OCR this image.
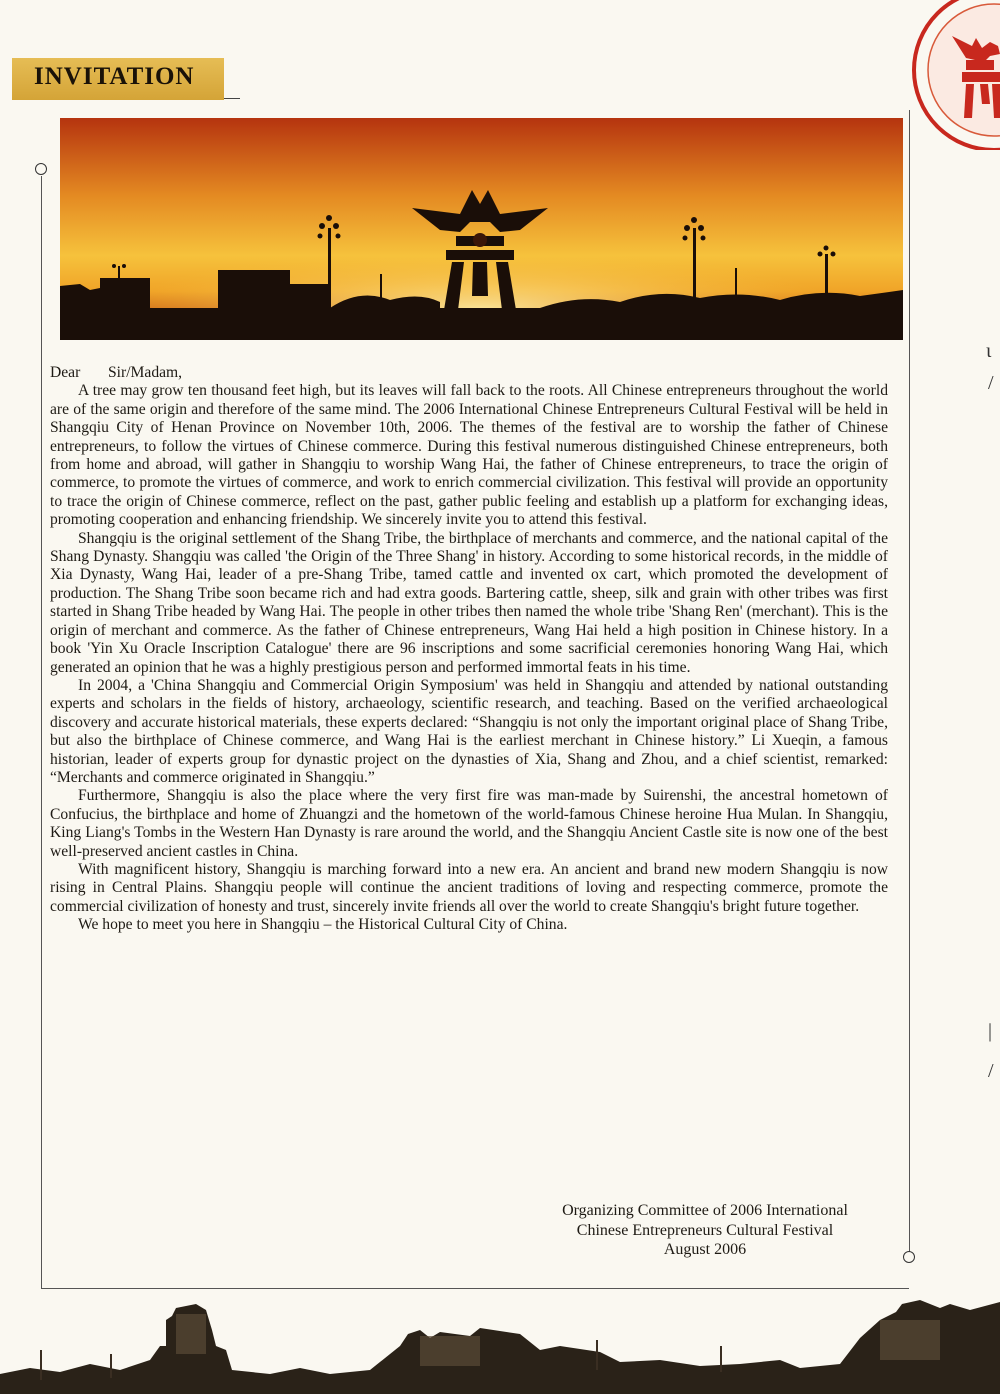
INVITATION

Dear Sir/Madam,

A tree may grow ten thousand feet high, but its leaves will fall back to the roots. All Chinese entrepreneurs throughout the world are of the same origin and therefore of the same mind. The 2006 International Chinese Entrepreneurs Cultural Festival will be held in Shangqiu City of Henan Province on November 10th, 2006. The themes of the festival are to worship the father of Chinese entrepreneurs, to follow the virtues of Chinese commerce. During this festival numerous distinguished Chinese entrepreneurs, both from home and abroad, will gather in Shangqiu to worship Wang Hai, the father of Chinese entrepreneurs, to trace the origin of commerce, to promote the virtues of commerce, and work to enrich commercial civilization. This festival will provide an opportunity to trace the origin of Chinese commerce, reflect on the past, gather public feeling and establish up a platform for exchanging ideas, promoting cooperation and enhancing friendship. We sincerely invite you to attend this festival.

Shangqiu is the original settlement of the Shang Tribe, the birthplace of merchants and commerce, and the national capital of the Shang Dynasty. Shangqiu was called 'the Origin of the Three Shang' in history. According to some historical records, in the middle of Xia Dynasty, Wang Hai, leader of a pre-Shang Tribe, tamed cattle and invented ox cart, which promoted the development of production. The Shang Tribe soon became rich and had extra goods. Bartering cattle, sheep, silk and grain with other tribes was first started in Shang Tribe headed by Wang Hai. The people in other tribes then named the whole tribe 'Shang Ren' (merchant). This is the origin of merchant and commerce. As the father of Chinese entrepreneurs, Wang Hai held a high position in Chinese history. In a book 'Yin Xu Oracle Inscription Catalogue' there are 96 inscriptions and some sacrificial ceremonies honoring Wang Hai, which generated an opinion that he was a highly prestigious person and performed immortal feats in his time.

In 2004, a 'China Shangqiu and Commercial Origin Symposium' was held in Shangqiu and attended by national outstanding experts and scholars in the fields of history, archaeology, scientific research, and teaching. Based on the verified archaeological discovery and accurate historical materials, these experts declared: “Shangqiu is not only the important original place of Shang Tribe, but also the birthplace of Chinese commerce, and Wang Hai is the earliest merchant in Chinese history.” Li Xueqin, a famous historian, leader of experts group for dynastic project on the dynasties of Xia, Shang and Zhou, and a chief scientist, remarked: “Merchants and commerce originated in Shangqiu.”

Furthermore, Shangqiu is also the place where the very first fire was man-made by Suirenshi, the ancestral hometown of Confucius, the birthplace and home of Zhuangzi and the hometown of the world-famous Chinese heroine Hua Mulan. In Shangqiu, King Liang's Tombs in the Western Han Dynasty is rare around the world, and the Shangqiu Ancient Castle site is now one of the best well-preserved ancient castles in China.

With magnificent history, Shangqiu is marching forward into a new era. An ancient and brand new modern Shangqiu is now rising in Central Plains. Shangqiu people will continue the ancient traditions of loving and respecting commerce, promote the commercial civilization of honesty and trust, sincerely invite friends all over the world to create Shangqiu's bright future together.

We hope to meet you here in Shangqiu – the Historical Cultural City of China.

Organizing Committee of 2006 International
Chinese Entrepreneurs Cultural Festival
August 2006
ι
/
|
/
